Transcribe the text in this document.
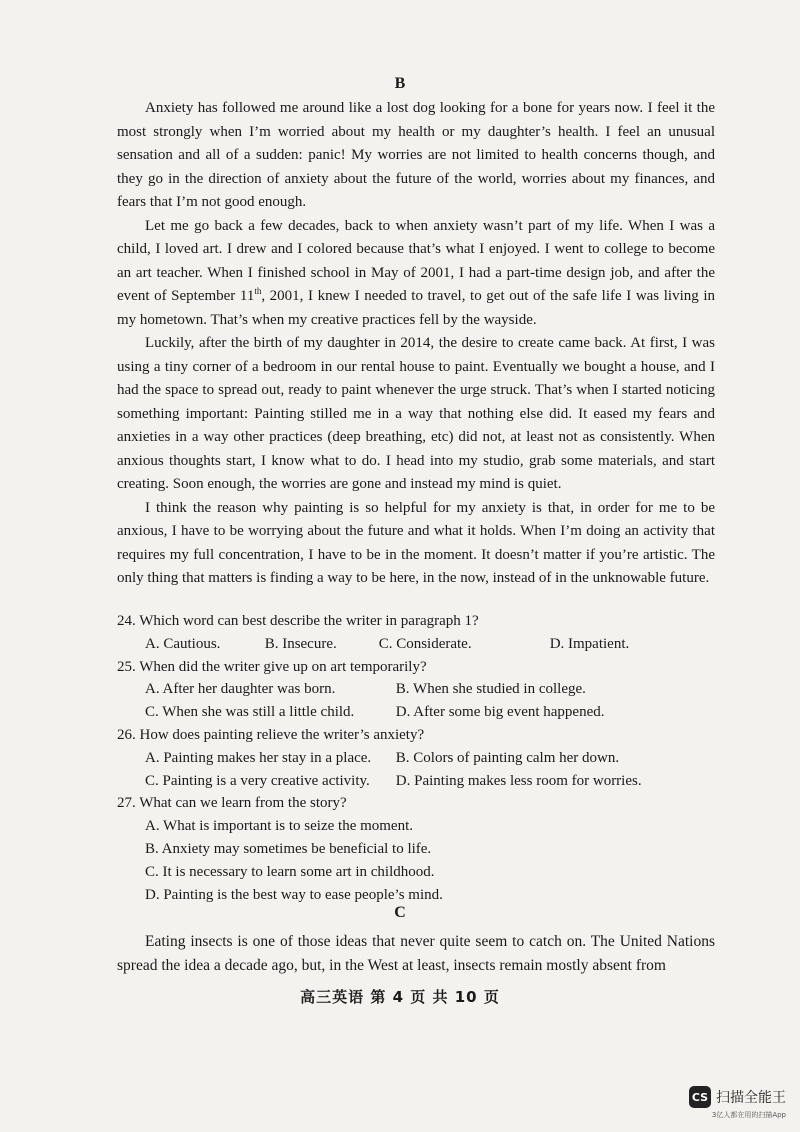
B

Anxiety has followed me around like a lost dog looking for a bone for years now. I feel it the most strongly when I’m worried about my health or my daughter’s health. I feel an unusual sensation and all of a sudden: panic! My worries are not limited to health concerns though, and they go in the direction of anxiety about the future of the world, worries about my finances, and fears that I’m not good enough.

Let me go back a few decades, back to when anxiety wasn’t part of my life. When I was a child, I loved art. I drew and I colored because that’s what I enjoyed. I went to college to become an art teacher. When I finished school in May of 2001, I had a part-time design job, and after the event of September 11th, 2001, I knew I needed to travel, to get out of the safe life I was living in my hometown. That’s when my creative practices fell by the wayside.

Luckily, after the birth of my daughter in 2014, the desire to create came back. At first, I was using a tiny corner of a bedroom in our rental house to paint. Eventually we bought a house, and I had the space to spread out, ready to paint whenever the urge struck. That’s when I started noticing something important: Painting stilled me in a way that nothing else did. It eased my fears and anxieties in a way other practices (deep breathing, etc) did not, at least not as consistently. When anxious thoughts start, I know what to do. I head into my studio, grab some materials, and start creating. Soon enough, the worries are gone and instead my mind is quiet.

I think the reason why painting is so helpful for my anxiety is that, in order for me to be anxious, I have to be worrying about the future and what it holds. When I’m doing an activity that requires my full concentration, I have to be in the moment. It doesn’t matter if you’re artistic. The only thing that matters is finding a way to be here, in the now, instead of in the unknowable future.

24. Which word can best describe the writer in paragraph 1?
A. Cautious.	B. Insecure.	C. Considerate.	D. Impatient.
25. When did the writer give up on art temporarily?
A. After her daughter was born.	B. When she studied in college.
C. When she was still a little child.	D. After some big event happened.
26. How does painting relieve the writer’s anxiety?
A. Painting makes her stay in a place.	B. Colors of painting calm her down.
C. Painting is a very creative activity.	D. Painting makes less room for worries.
27. What can we learn from the story?
A. What is important is to seize the moment.
B. Anxiety may sometimes be beneficial to life.
C. It is necessary to learn some art in childhood.
D. Painting is the best way to ease people’s mind.
C

Eating insects is one of those ideas that never quite seem to catch on. The United Nations spread the idea a decade ago, but, in the West at least, insects remain mostly absent from

高三英语 第 4 页 共 10 页
CS 扫描全能王
3亿人都在用的扫描App
